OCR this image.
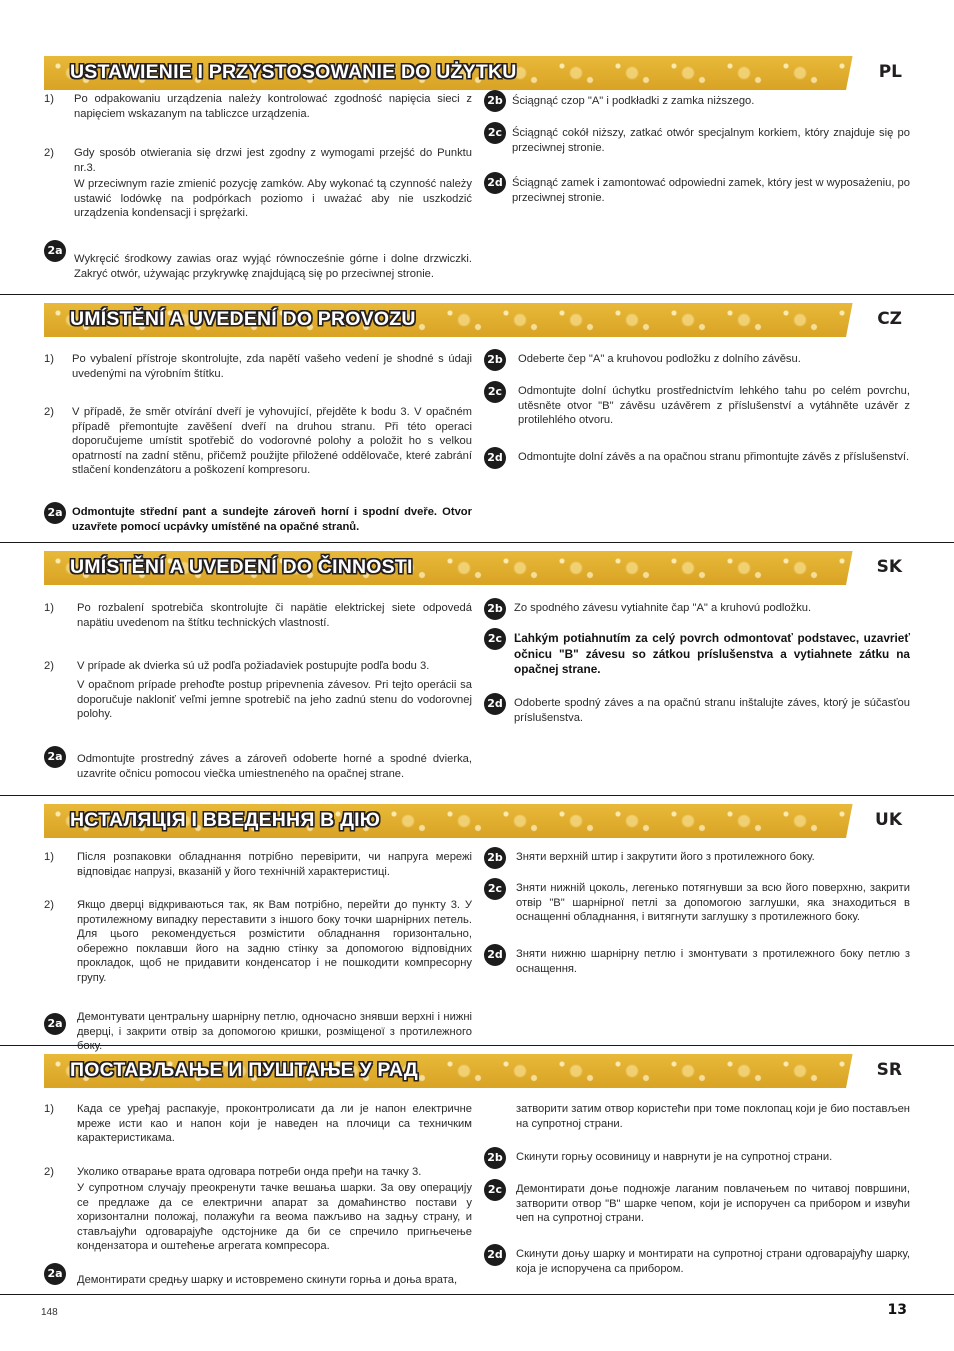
USTAWIENIE I PRZYSTOSOWANIE DO UŻYTKU	PL
1) Po odpakowaniu urządzenia należy kontrolować zgodność napięcia sieci z napięciem wskazanym na tabliczce urządzenia.
2) Gdy sposób otwierania się drzwi jest zgodny z wymogami przejść do Punktu nr.3.
W przeciwnym razie zmienić pozycję zamków. Aby wykonać tą czynność należy ustawić lodówkę na podpórkach poziomo i uważać aby nie uszkodzić urządzenia kondensacji i sprężarki.
2a
Wykręcić środkowy zawias oraz wyjąć równocześnie górne i dolne drzwiczki. Zakryć otwór, używając przykrywkę znajdującą się po przeciwnej stronie.
2b Ściągnąć czop "A" i podkładki z zamka niższego.
2c Ściągnąć cokół niższy, zatkać otwór specjalnym korkiem, który znajduje się po przeciwnej stronie.
2d Ściągnąć zamek i zamontować odpowiedni zamek, który jest w wyposażeniu, po przeciwnej stronie.
UMÍSTĚNÍ A UVEDENÍ DO PROVOZU	CZ
1) Po vybalení přístroje skontrolujte, zda napětí vašeho vedení je shodné s údaji uvedenými na výrobním štítku.
2) V případě, že směr otvírání dveří je vyhovující, přejděte k bodu 3. V opačném případě přemontujte zavěšení dveří na druhou stranu. Při této operaci doporučujeme umístit spotřebič do vodorovné polohy a položit ho s velkou opatrností na zadní stěnu, přičemž použijte přiložené oddělovače, které zabrání stlačení kondenzátoru a poškození kompresoru.
2a Odmontujte střední pant a sundejte zároveň horní i spodní dveře. Otvor uzavřete pomocí ucpávky umístěné na opačné stranů.
2b Odeberte čep "A" a kruhovou podložku z dolního závěsu.
2c	Odmontujte dolní úchytku prostřednictvím lehkého tahu po celém povrchu, utěsněte otvor "B" závěsu uzávěrem z příslušenství a vytáhněte uzávěr z protilehlého otvoru.
2d Odmontujte dolní závěs a na opačnou stranu přimontujte závěs z příslušenství.
UMÍSTĚNÍ A UVEDENÍ DO ČINNOSTI	SK
1) Po rozbalení spotrebiča skontrolujte či napätie elektrickej siete odpovedá napätiu uvedenom na štítku technických vlastností.
2) V prípade ak dvierka sú už podľa požiadaviek postupujte podľa bodu 3.
V opačnom prípade prehoďte postup pripevnenia závesov. Pri tejto operácii sa doporučuje nakloniť veľmi jemne spotrebič na jeho zadnú stenu do vodorovnej polohy.
2a	Odmontujte prostredný záves a zároveň odoberte horné a spodné dvierka, uzavrite očnicu pomocou viečka umiestneného na opačnej strane.
2b Zo spodného závesu vytiahnite čap "A" a kruhovú podložku.
2c	Ľahkým potiahnutím za celý povrch odmontovať podstavec, uzavrieť očnicu "B" závesu so zátkou príslušenstva a vytiahnete zátku na opačnej strane.
2d Odoberte spodný záves a na opačnú stranu inštalujte záves, ktorý je súčasťou príslušenstva.
НСТАЛЯЦІЯ І ВВЕДЕННЯ В ДІЮ	UK
1) Після розпаковки обладнання потрібно перевірити, чи напруга мережі відповідає напрузі, вказаній у його технічній характеристиці.
2) Якщо дверці відкриваються так, як Вам потрібно, перейти до пункту 3. У протилежному випадку переставити з іншого боку точки шарнірних петель. Для цього рекомендується розмістити обладнання горизонтально, обережно поклавши його на задню стінку за допомогою відповідних прокладок, щоб не придавити конденсатор і не пошкодити компресорну групу.
2a	Демонтувати центральну шарнірну петлю, одночасно знявши верхні і нижні дверці, і закрити отвір за допомогою кришки, розміщеної з протилежного боку.
2b Зняти верхній штир і закрутити його з протилежного боку.
2c	Зняти нижній цоколь, легенько потягнувши за всю його поверхню, закрити отвір "B" шарнірної петлі за допомогою заглушки, яка знаходиться в оснащенні обладнання, і витягнути заглушку з протилежного боку.
2d Зняти нижню шарнірну петлю і змонтувати з протилежного боку петлю з оснащення.
ПОСТАВЉАЊЕ И ПУШТАЊЕ У РАД	SR
1) Када се уређај распакује, проконтролисати да ли је напон електричне мреже исти као и напон који је наведен на плочици са техничким карактеристикама.
2) Уколико отварање врата одговара потреби онда пређи на тачку 3.
У супротном случају преокренути тачке вешања шарки. За ову операцију се предлаже да се електрични апарат за домаћинство постави у хоризонтални положај, полажући га веома пажљиво на задњу страну, и стављајући одговарајуће одстојнике да би се спречило пригњечење кондензатора и оштећење агрегата компресора.
2a	Демонтирати средњу шарку и истовремено скинути горња и доња врата,
затворити затим отвор користећи при томе поклопац који је био постављен на супротној страни.
2b Скинути горњу осовиницу и наврнути је на супротној страни.
2c	Демонтирати доње подножје лаганим повлачењем по читавој површини, затворити отвор "B" шарке чепом, који је испоручен са прибором и извући чеп на супротној страни.
2d Скинути доњу шарку и монтирати на супротној страни одговарајућу шарку, која је испоручена са прибором.
148	13
